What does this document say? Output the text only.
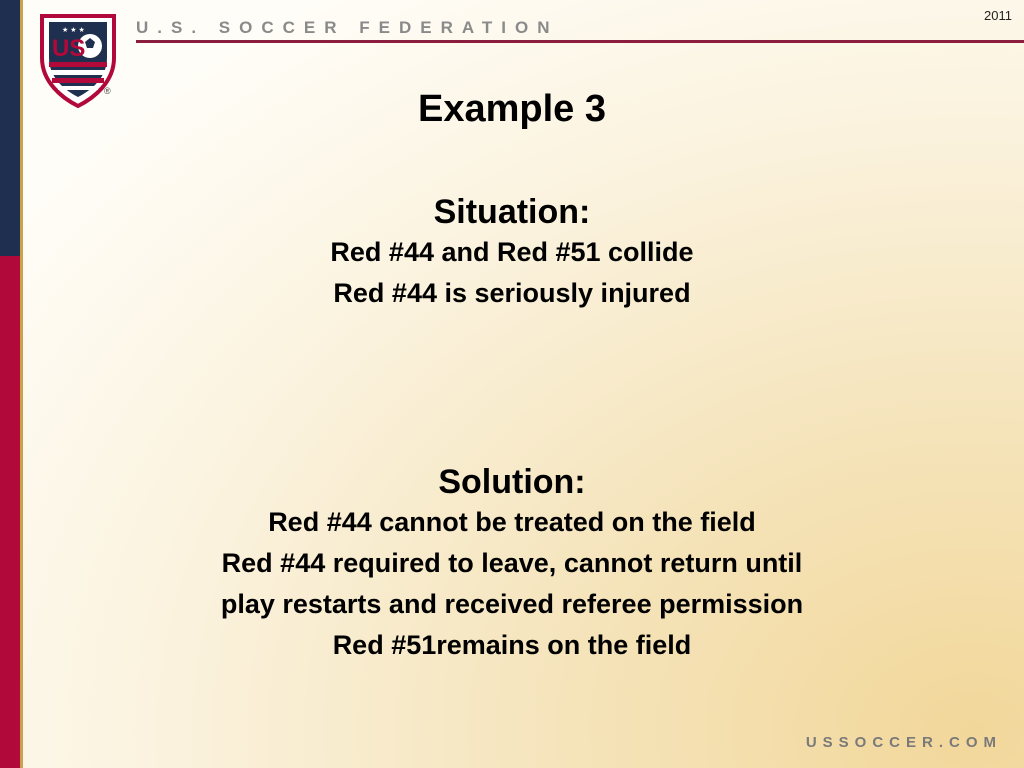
US
★ ★ ★
®
U.S. SOCCER FEDERATION
2011
Example 3
Situation:
Red #44 and Red #51 collide
Red #44 is seriously injured
Solution:
Red #44 cannot be treated on the field
Red #44 required to leave, cannot return until
play restarts and received referee permission
Red #51remains on the field
USSOCCER.COM
